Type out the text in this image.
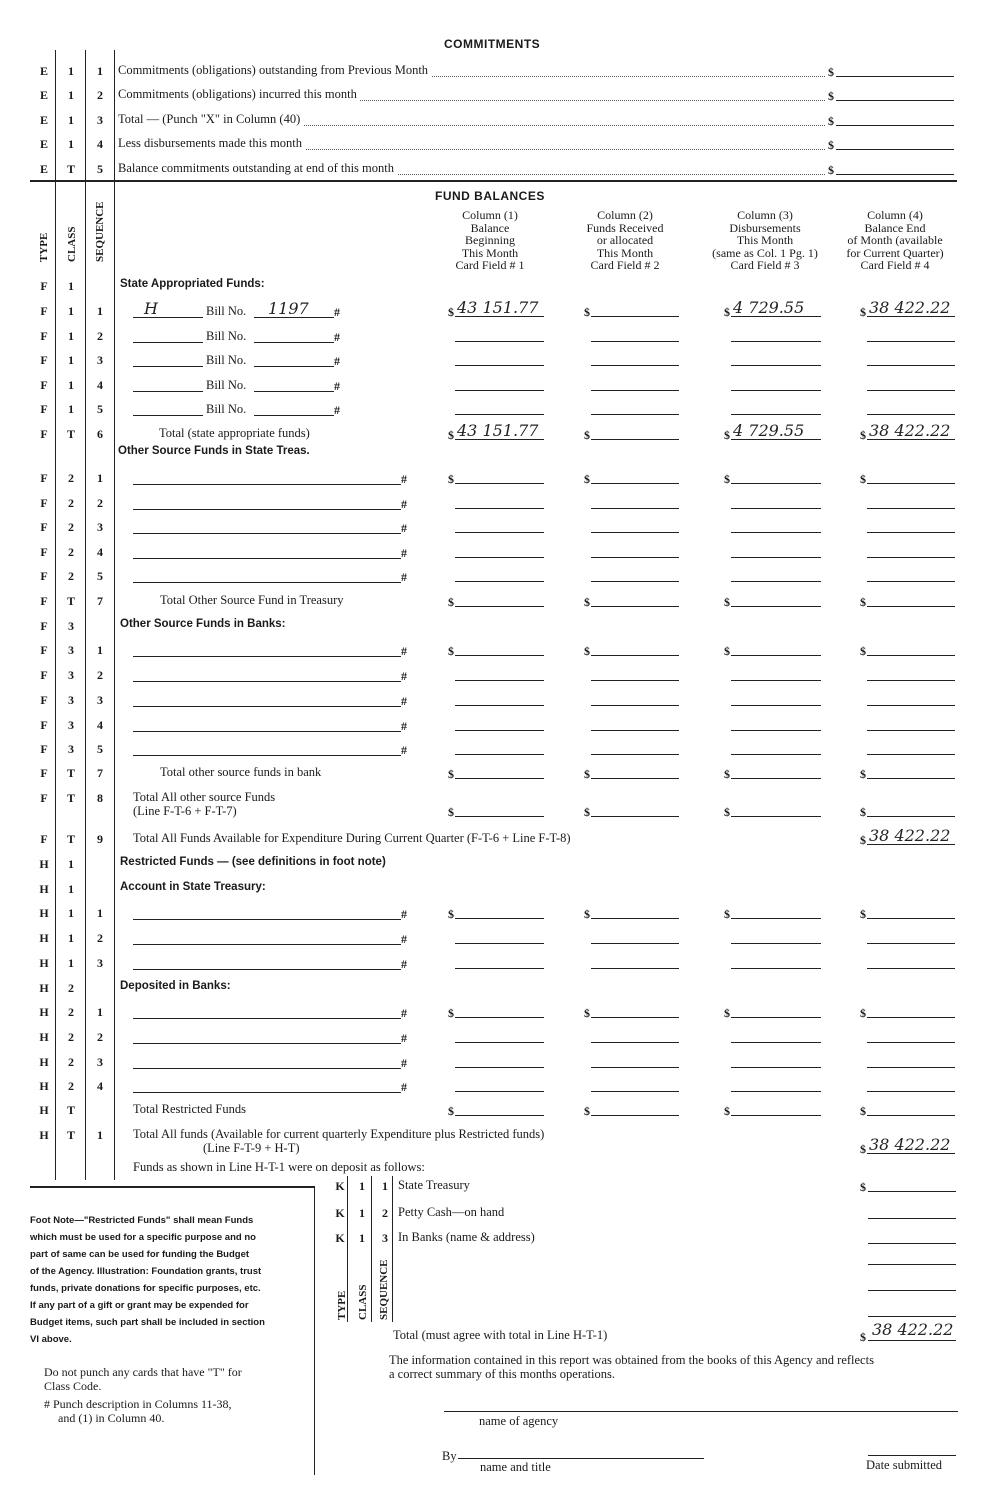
COMMITMENTS
E	1	1	Commitments (obligations) outstanding from Previous Month	$
E	1	2	Commitments (obligations) incurred this month	$
E	1	3	Total — (Punch "X" in Column (40)	$
E	1	4	Less disbursements made this month	$
E T	5	Balance commitments outstanding at end of this month	$
FUND BALANCES
Column (1)
Balance
Beginning
This Month
Card Field # 1
Column (2)
Funds Received
or allocated
This Month
Card Field # 2
Column (3)
Disbursements
This Month
(same as Col. 1 Pg. 1)
Card Field # 3
Column (4)
Balance End
of Month (available
for Current Quarter)
Card Field # 4
TYPE CLASS SEQUENCE
F	1	State Appropriated Funds:
F	1	1	H	Bill No. 1197 #	$ 43 151.77	$	$ 4 729.55	$ 38 422.22
F	1	2	Bill No.	#
F	1	3	Bill No.	#
F	1	4	Bill No.	#
F	1	5	Bill No.	#
F T	6	Total (state appropriate funds)	$ 43 151.77	$	$ 4 729.55	$ 38 422.22
Other Source Funds in State Treas.
F	2	1	#	$	$	$	$
F	2	2	#
F	2	3	#
F	2	4	#
F	2	5	#
F T	7	Total Other Source Fund in Treasury	$	$	$	$
F	3	Other Source Funds in Banks:
F	3	1	#	$	$	$	$
F	3	2	#
F	3	3	#
F	3	4	#
F	3	5	#
F T	7	Total other source funds in bank	$	$	$	$
F T	8	Total All other source Funds
(Line F-T-6 + F-T-7)	$	$	$	$
F T	9	Total All Funds Available for Expenditure During Current Quarter (F-T-6 + Line F-T-8)	$ 38 422.22
H	1	Restricted Funds — (see definitions in foot note)
H	1	Account in State Treasury:
H	1	1	#	$	$	$	$
H	1	2	#
H	1	3	#
H	2	Deposited in Banks:
H	2	1	#	$	$	$	$
H	2	2	#
H	2	3	#
H	2	4	#
H T	Total Restricted Funds	$	$	$	$
H T	1	Total All funds (Available for current quarterly Expenditure plus Restricted funds)
(Line F-T-9 + H-T)	$ 38 422.22
Funds as shown in Line H-T-1 were on deposit as follows:
K	1	1 State Treasury	$
K	1	2 Petty Cash—on hand
K	1	3 In Banks (name & address)
TYPE CLASS SEQUENCE
Total (must agree with total in Line H-T-1)	$ 38 422.22
Foot Note—"Restricted Funds" shall mean Funds
which must be used for a specific purpose and no
part of same can be used for funding the Budget
of the Agency. Illustration: Foundation grants, trust
funds, private donations for specific purposes, etc.
If any part of a gift or grant may be expended for
Budget items, such part shall be included in section
VI above.
Do not punch any cards that have "T" for
Class Code.
# Punch description in Columns 11-38,
and (1) in Column 40.
The information contained in this report was obtained from the books of this Agency and reflects
a correct summary of this months operations.
name of agency
By
name and title	Date submitted
